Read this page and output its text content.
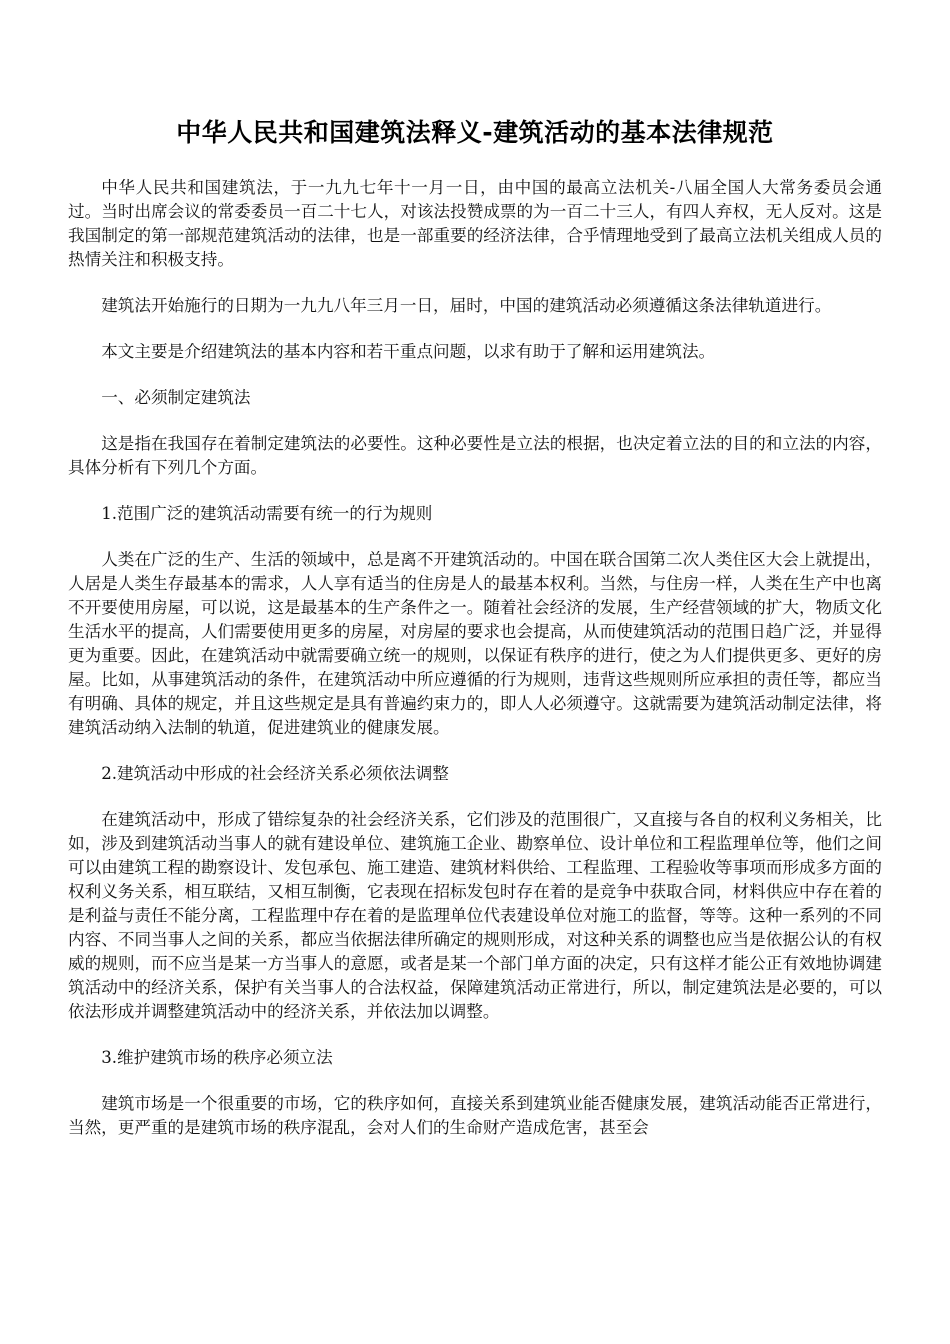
中华人民共和国建筑法释义-建筑活动的基本法律规范

中华人民共和国建筑法，于一九九七年十一月一日，由中国的最高立法机关-八届全国人大常务委员会通过。当时出席会议的常委委员一百二十七人，对该法投赞成票的为一百二十三人，有四人弃权，无人反对。这是我国制定的第一部规范建筑活动的法律，也是一部重要的经济法律，合乎情理地受到了最高立法机关组成人员的热情关注和积极支持。

建筑法开始施行的日期为一九九八年三月一日，届时，中国的建筑活动必须遵循这条法律轨道进行。

本文主要是介绍建筑法的基本内容和若干重点问题，以求有助于了解和运用建筑法。

一、必须制定建筑法

这是指在我国存在着制定建筑法的必要性。这种必要性是立法的根据，也决定着立法的目的和立法的内容，具体分析有下列几个方面。

1.范围广泛的建筑活动需要有统一的行为规则

人类在广泛的生产、生活的领域中，总是离不开建筑活动的。中国在联合国第二次人类住区大会上就提出，人居是人类生存最基本的需求，人人享有适当的住房是人的最基本权利。当然，与住房一样，人类在生产中也离不开要使用房屋，可以说，这是最基本的生产条件之一。随着社会经济的发展，生产经营领域的扩大，物质文化生活水平的提高，人们需要使用更多的房屋，对房屋的要求也会提高，从而使建筑活动的范围日趋广泛，并显得更为重要。因此，在建筑活动中就需要确立统一的规则，以保证有秩序的进行，使之为人们提供更多、更好的房屋。比如，从事建筑活动的条件，在建筑活动中所应遵循的行为规则，违背这些规则所应承担的责任等，都应当有明确、具体的规定，并且这些规定是具有普遍约束力的，即人人必须遵守。这就需要为建筑活动制定法律，将建筑活动纳入法制的轨道，促进建筑业的健康发展。

2.建筑活动中形成的社会经济关系必须依法调整

在建筑活动中，形成了错综复杂的社会经济关系，它们涉及的范围很广，又直接与各自的权利义务相关，比如，涉及到建筑活动当事人的就有建设单位、建筑施工企业、勘察单位、设计单位和工程监理单位等，他们之间可以由建筑工程的勘察设计、发包承包、施工建造、建筑材料供给、工程监理、工程验收等事项而形成多方面的权利义务关系，相互联结，又相互制衡，它表现在招标发包时存在着的是竞争中获取合同，材料供应中存在着的是利益与责任不能分离，工程监理中存在着的是监理单位代表建设单位对施工的监督，等等。这种一系列的不同内容、不同当事人之间的关系，都应当依据法律所确定的规则形成，对这种关系的调整也应当是依据公认的有权威的规则，而不应当是某一方当事人的意愿，或者是某一个部门单方面的决定，只有这样才能公正有效地协调建筑活动中的经济关系，保护有关当事人的合法权益，保障建筑活动正常进行，所以，制定建筑法是必要的，可以依法形成并调整建筑活动中的经济关系，并依法加以调整。

3.维护建筑市场的秩序必须立法

建筑市场是一个很重要的市场，它的秩序如何，直接关系到建筑业能否健康发展，建筑活动能否正常进行，当然，更严重的是建筑市场的秩序混乱，会对人们的生命财产造成危害，甚至会
